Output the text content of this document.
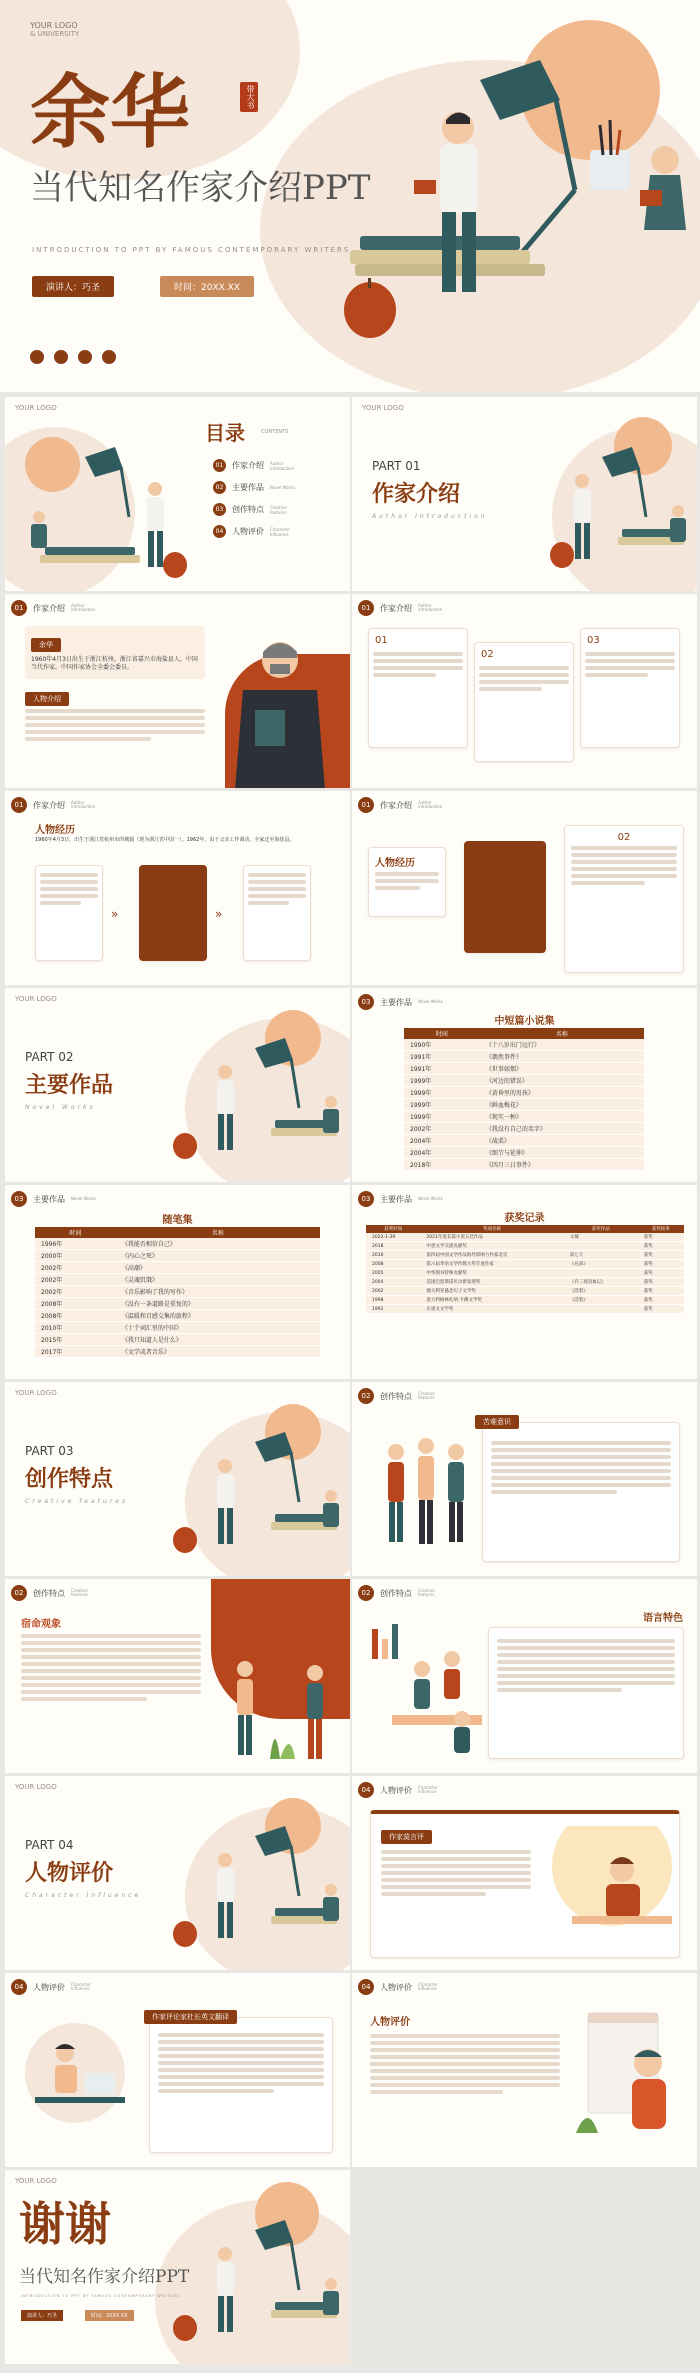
YOUR LOGO
& UNIVERSITY
余华	带大书
当代知名作家介绍PPT
INTRODUCTION TO PPT BY FAMOUS CONTEMPORARY WRITERS
演讲人：巧圣	时间：20XX.XX
YOUR LOGO
目录	CONTENTS
01	作家介绍 Author introduction
02	主要作品 Novel Works
03	创作特点 Creative features
04	人物评价 Character Influence
YOUR LOGO
PART 01
作家介绍
Author Introduction
01	作家介绍 Author introduction
余华
1960年4月3日出生于浙江杭州，浙江省嘉兴市海盐县人，中国当代作家。中国作家协会全委会委员。
人物介绍
01	作家介绍 Author introduction
01
02
03
01	作家介绍 Author introduction
人物经历
1960年4月3日，出生于浙江省杭州市的城镇（现为浙江省中国一）。1962年，由于父亲工作调动，全家迁至海盐县。
»	»
01	作家介绍 Author introduction
人物经历
02
YOUR LOGO
PART 02
主要作品
Novel Works
03	主要作品 Novel Works
中短篇小说集
时间	名称
1990年	《十八岁出门远行》
1991年	《偶然事件》
1991年	《世事如烟》
1999年	《河边的错误》
1999年	《黄昏里的男孩》
1999年	《鲜血梅花》
1999年	《现实一种》
2002年	《我没有自己的名字》
2004年	《战栗》
2004年	《细节与延伸》
2018年	《四月三日事件》
03	主要作品 Novel Works
随笔集
时间	名称
1996年	《我能否相信自己》
2000年	《内心之死》
2002年	《高潮》
2002年	《灵魂饥饿》
2002年	《音乐影响了我的写作》
2008年	《没有一条道路是重复的》
2008年	《温暖和百感交集的旅程》
2010年	《十个词汇里的中国》
2015年	《我只知道人是什么》
2017年	《文学或者音乐》
03	主要作品 Novel Works
获奖记录
获奖时间	奖项名称	获奖作品	获奖结果
2022-1-29	2021年度长篇小说五佳作品	文城	获奖
2018	中意文学交流贡献奖		获奖
2016	第四届中国文学作品海外影响力作家北京	第七天	获奖
2008	第六届华语文学传媒大奖年度作家	《兄弟》	获奖
2005	中华图书特殊贡献奖		获奖
2004	美国巴恩斯诺贝尔新发现奖	《许三观卖血记》	获奖
2002	澳大利亚悬念句子文学奖	《活着》	获奖
1998	意大利格林扎纳·卡佛文学奖	《活着》	获奖
1992	庄重文文学奖		获奖
YOUR LOGO
PART 03
创作特点
Creative features
02	创作特点 Creative features
苦难意识
02	创作特点 Creative features
宿命观象
02	创作特点 Creative features
语言特色
YOUR LOGO
PART 04
人物评价
Character Influence
04	人物评价 Character Influence
作家莫言评
04	人物评价 Character Influence
作家评论家杜长英文翻译
04	人物评价 Character Influence
人物评价
YOUR LOGO
谢谢
当代知名作家介绍PPT
INTRODUCTION TO PPT BY FAMOUS CONTEMPORARY WRITERS
演讲人：巧圣	时间：20XX.XX
